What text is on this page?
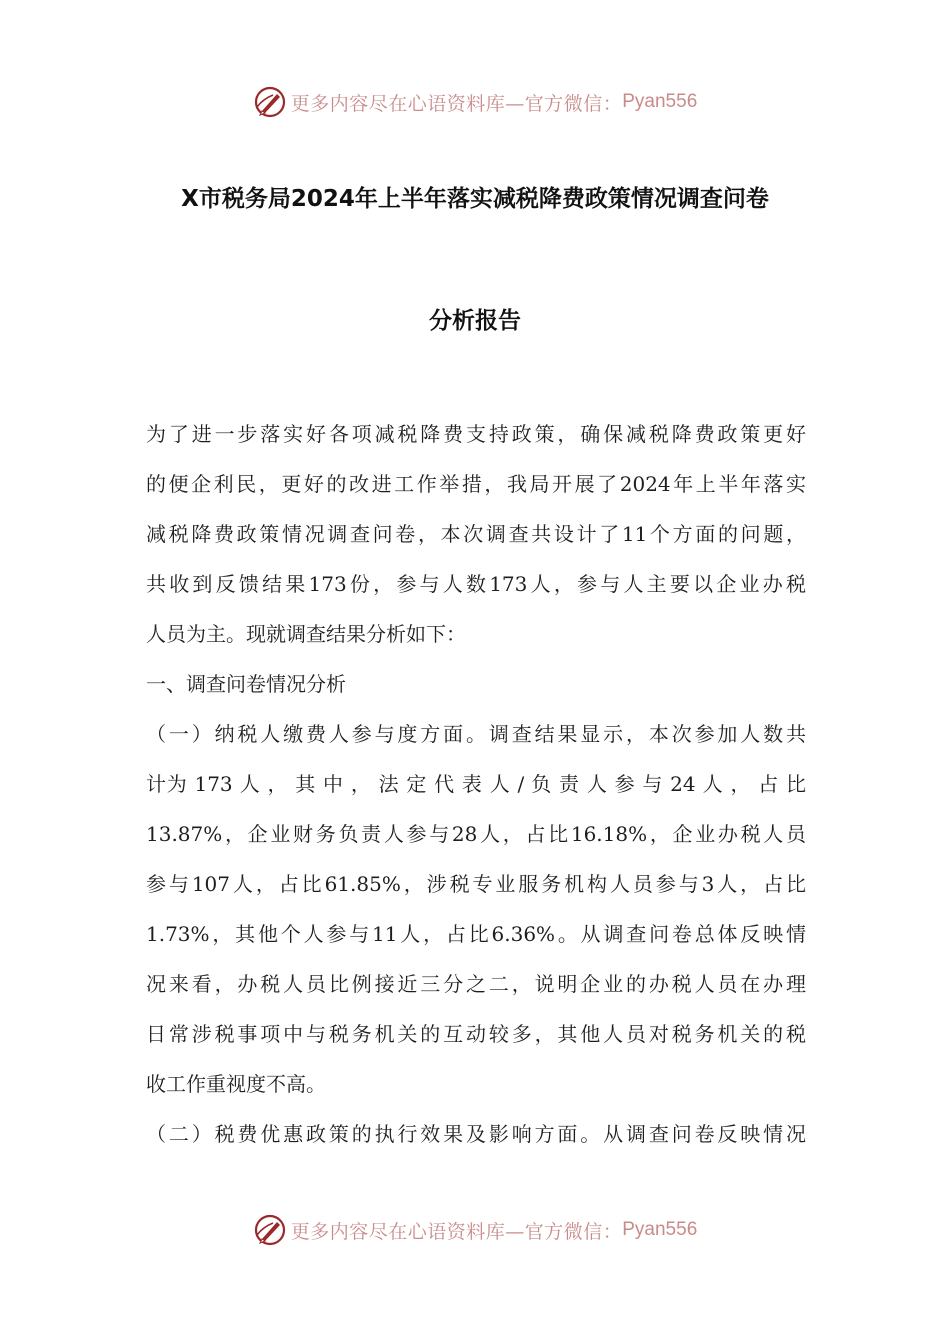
更多内容尽在心语资料库—官方微信： Pyan556
X市税务局2024年上半年落实减税降费政策情况调查问卷
分析报告
为了进一步落实好各项减税降费支持政策，确保减税降费政策更好
的便企利民，更好的改进工作举措，我局开展了2024年上半年落实
减税降费政策情况调查问卷，本次调查共设计了11个方面的问题，
共收到反馈结果173份，参与人数173人，参与人主要以企业办税
人员为主。现就调查结果分析如下：
一、调查问卷情况分析
（一）纳税人缴费人参与度方面。调查结果显示，本次参加人数共
计为 173 人 ， 其 中 ， 法 定 代 表 人 / 负 责 人 参 与 24 人 ， 占 比
13.87%，企业财务负责人参与28人，占比16.18%，企业办税人员
参与107人，占比61.85%，涉税专业服务机构人员参与3人，占比
1.73%，其他个人参与11人，占比6.36%。从调查问卷总体反映情
况来看，办税人员比例接近三分之二，说明企业的办税人员在办理
日常涉税事项中与税务机关的互动较多，其他人员对税务机关的税
收工作重视度不高。
（二）税费优惠政策的执行效果及影响方面。从调查问卷反映情况
更多内容尽在心语资料库—官方微信： Pyan556
